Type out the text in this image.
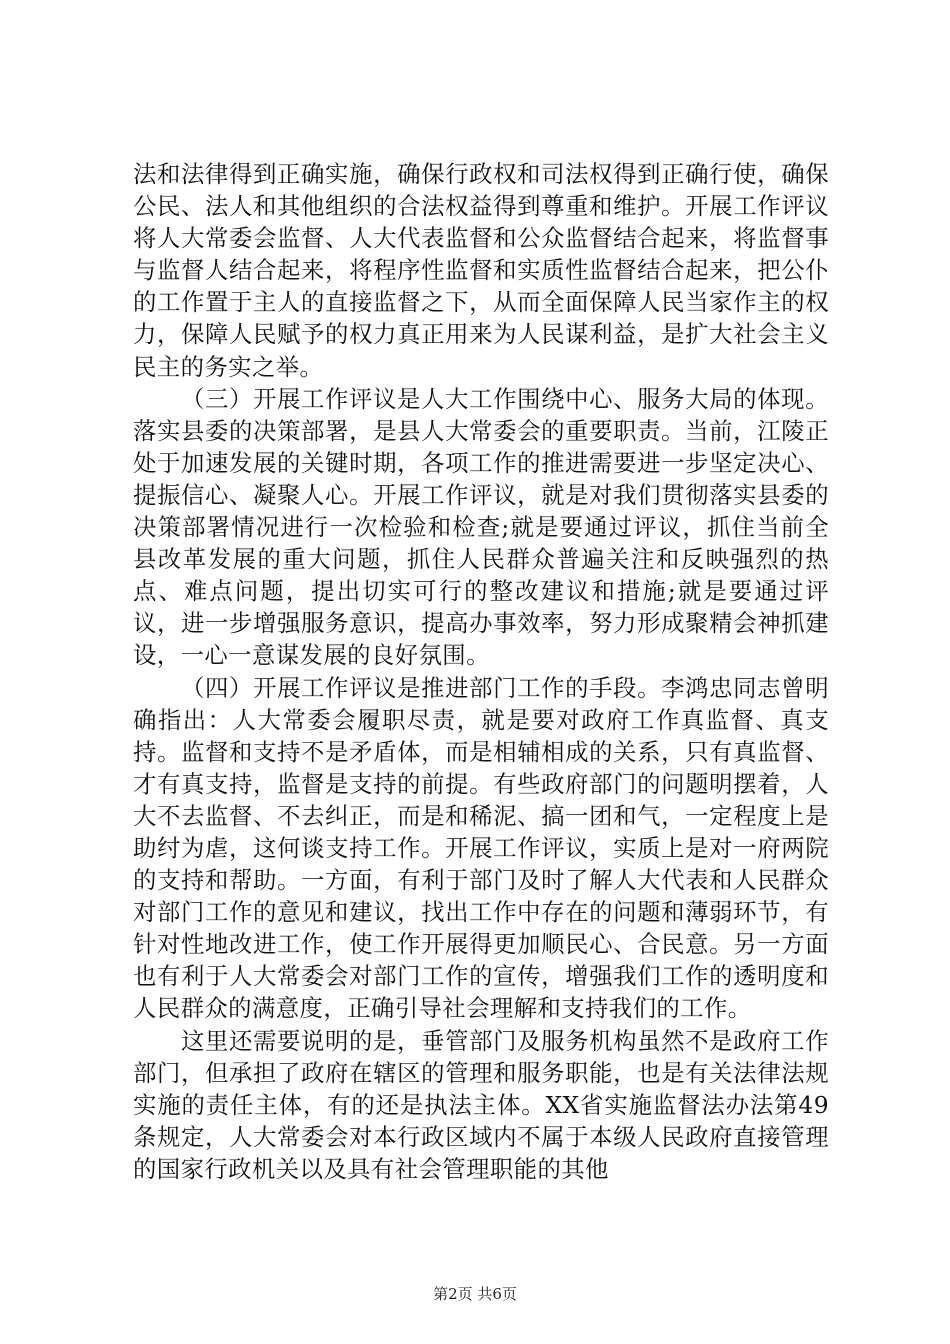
法和法律得到正确实施，确保行政权和司法权得到正确行使，确保公民、法人和其他组织的合法权益得到尊重和维护。开展工作评议将人大常委会监督、人大代表监督和公众监督结合起来，将监督事与监督人结合起来，将程序性监督和实质性监督结合起来，把公仆的工作置于主人的直接监督之下，从而全面保障人民当家作主的权力，保障人民赋予的权力真正用来为人民谋利益，是扩大社会主义民主的务实之举。

（三）开展工作评议是人大工作围绕中心、服务大局的体现。落实县委的决策部署，是县人大常委会的重要职责。当前，江陵正处于加速发展的关键时期，各项工作的推进需要进一步坚定决心、提振信心、凝聚人心。开展工作评议，就是对我们贯彻落实县委的决策部署情况进行一次检验和检查;就是要通过评议，抓住当前全县改革发展的重大问题，抓住人民群众普遍关注和反映强烈的热点、难点问题，提出切实可行的整改建议和措施;就是要通过评议，进一步增强服务意识，提高办事效率，努力形成聚精会神抓建设，一心一意谋发展的良好氛围。

（四）开展工作评议是推进部门工作的手段。李鸿忠同志曾明确指出：人大常委会履职尽责，就是要对政府工作真监督、真支持。监督和支持不是矛盾体，而是相辅相成的关系，只有真监督、才有真支持，监督是支持的前提。有些政府部门的问题明摆着，人大不去监督、不去纠正，而是和稀泥、搞一团和气，一定程度上是助纣为虐，这何谈支持工作。开展工作评议，实质上是对一府两院的支持和帮助。一方面，有利于部门及时了解人大代表和人民群众对部门工作的意见和建议，找出工作中存在的问题和薄弱环节，有针对性地改进工作，使工作开展得更加顺民心、合民意。另一方面也有利于人大常委会对部门工作的宣传，增强我们工作的透明度和人民群众的满意度，正确引导社会理解和支持我们的工作。

这里还需要说明的是，垂管部门及服务机构虽然不是政府工作部门，但承担了政府在辖区的管理和服务职能，也是有关法律法规实施的责任主体，有的还是执法主体。XX省实施监督法办法第49条规定，人大常委会对本行政区域内不属于本级人民政府直接管理的国家行政机关以及具有社会管理职能的其他

第2页 共6页
